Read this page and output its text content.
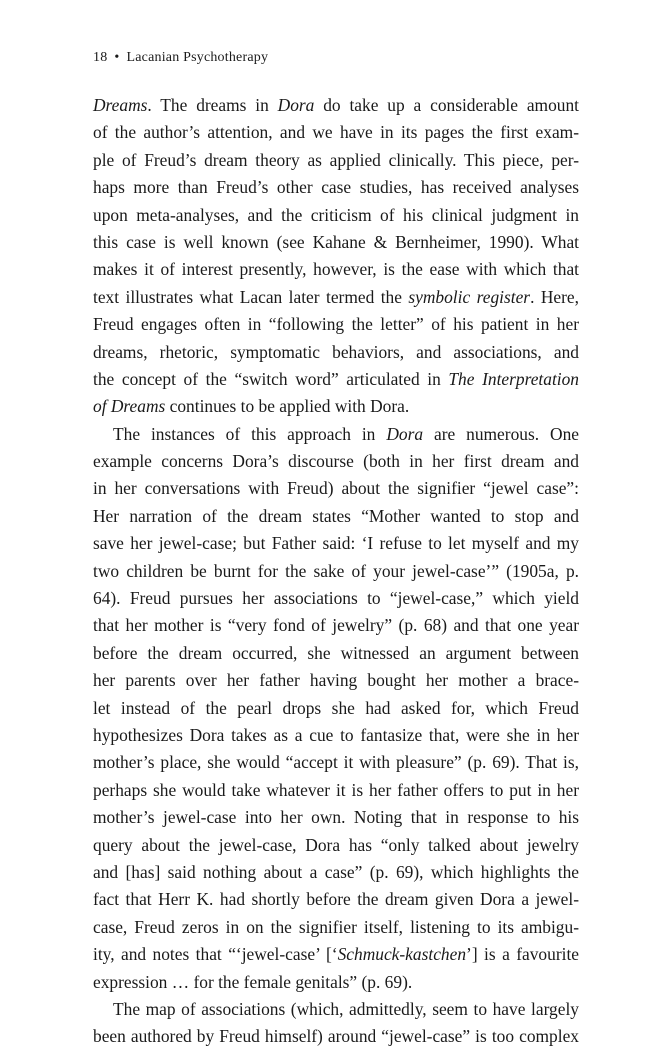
18 • Lacanian Psychotherapy
Dreams. The dreams in Dora do take up a considerable amount
of the author’s attention, and we have in its pages the first exam-
ple of Freud’s dream theory as applied clinically. This piece, per-
haps more than Freud’s other case studies, has received analyses
upon meta-analyses, and the criticism of his clinical judgment in
this case is well known (see Kahane & Bernheimer, 1990). What
makes it of interest presently, however, is the ease with which that
text illustrates what Lacan later termed the symbolic register. Here,
Freud engages often in “following the letter” of his patient in her
dreams, rhetoric, symptomatic behaviors, and associations, and
the concept of the “switch word” articulated in The Interpretation
of Dreams continues to be applied with Dora.
The instances of this approach in Dora are numerous. One
example concerns Dora’s discourse (both in her first dream and
in her conversations with Freud) about the signifier “jewel case”:
Her narration of the dream states “Mother wanted to stop and
save her jewel-case; but Father said: ‘I refuse to let myself and my
two children be burnt for the sake of your jewel-case’” (1905a, p.
64). Freud pursues her associations to “jewel-case,” which yield
that her mother is “very fond of jewelry” (p. 68) and that one year
before the dream occurred, she witnessed an argument between
her parents over her father having bought her mother a brace-
let instead of the pearl drops she had asked for, which Freud
hypothesizes Dora takes as a cue to fantasize that, were she in her
mother’s place, she would “accept it with pleasure” (p. 69). That is,
perhaps she would take whatever it is her father offers to put in her
mother’s jewel-case into her own. Noting that in response to his
query about the jewel-case, Dora has “only talked about jewelry
and [has] said nothing about a case” (p. 69), which highlights the
fact that Herr K. had shortly before the dream given Dora a jewel-
case, Freud zeros in on the signifier itself, listening to its ambigu-
ity, and notes that “‘jewel-case’ [‘Schmuck-kastchen’] is a favourite
expression … for the female genitals” (p. 69).
The map of associations (which, admittedly, seem to have largely
been authored by Freud himself) around “jewel-case” is too complex
